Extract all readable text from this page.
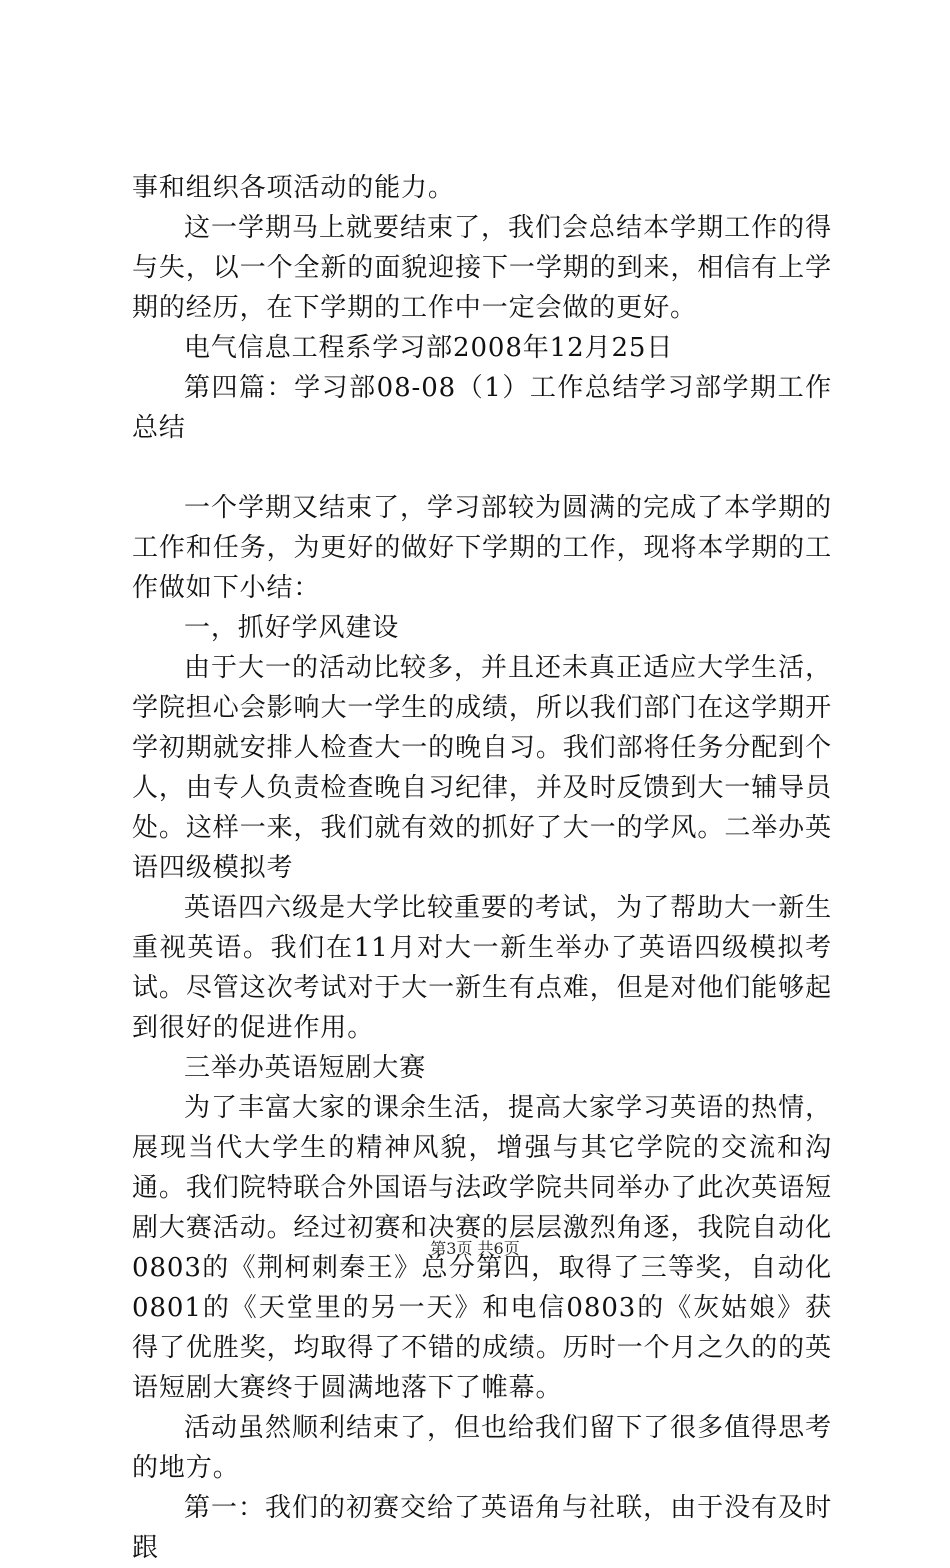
事和组织各项活动的能力。

这一学期马上就要结束了，我们会总结本学期工作的得与失，以一个全新的面貌迎接下一学期的到来，相信有上学期的经历，在下学期的工作中一定会做的更好。

电气信息工程系学习部2008年12月25日

第四篇：学习部08-08（1）工作总结学习部学期工作总结

一个学期又结束了，学习部较为圆满的完成了本学期的工作和任务，为更好的做好下学期的工作，现将本学期的工作做如下小结：

一，抓好学风建设

由于大一的活动比较多，并且还未真正适应大学生活，学院担心会影响大一学生的成绩，所以我们部门在这学期开学初期就安排人检查大一的晚自习。我们部将任务分配到个人，由专人负责检查晚自习纪律，并及时反馈到大一辅导员处。这样一来，我们就有效的抓好了大一的学风。二举办英语四级模拟考

英语四六级是大学比较重要的考试，为了帮助大一新生重视英语。我们在11月对大一新生举办了英语四级模拟考试。尽管这次考试对于大一新生有点难，但是对他们能够起到很好的促进作用。

三举办英语短剧大赛

为了丰富大家的课余生活，提高大家学习英语的热情，展现当代大学生的精神风貌，增强与其它学院的交流和沟通。我们院特联合外国语与法政学院共同举办了此次英语短剧大赛活动。经过初赛和决赛的层层激烈角逐，我院自动化0803的《荆柯刺秦王》总分第四，取得了三等奖，自动化0801的《天堂里的另一天》和电信0803的《灰姑娘》获得了优胜奖，均取得了不错的成绩。历时一个月之久的的英语短剧大赛终于圆满地落下了帷幕。

活动虽然顺利结束了，但也给我们留下了很多值得思考的地方。

第一：我们的初赛交给了英语角与社联，由于没有及时跟

第3页 共6页
